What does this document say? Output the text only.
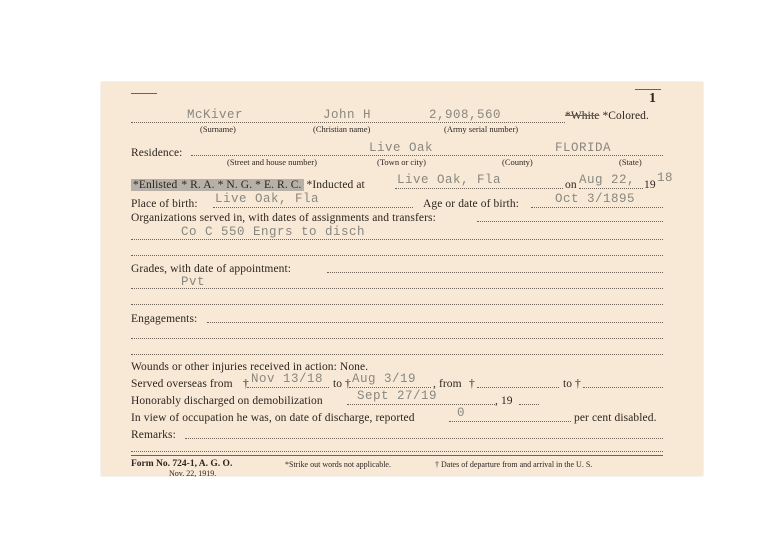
1
McKiver	John H	2,908,560	*White *Colored.
(Surname)	(Christian name)	(Army serial number)
Residence:	Live Oak	FLORIDA
(Street and house number)	(Town or city)	(County)	(State)
*Enlisted * R. A. * N. G. * E. R. C. *Inducted at	Live Oak, Fla	on Aug 22, 19 18
Place of birth: Live Oak, Fla	Age or date of birth:	Oct 3/1895
Organizations served in, with dates of assignments and transfers:
Co C 550 Engrs to disch
Grades, with date of appointment:
Pvt
Engagements:
Wounds or other injuries received in action: None.
Served overseas from † Nov 13/18 to † Aug 3/19 , from †	to †
Honorably discharged on demobilization	Sept 27/19	, 19
In view of occupation he was, on date of discharge, reported	0	per cent disabled.
Remarks:
Form No. 724-1, A. G. O.
Nov. 22, 1919.
*Strike out words not applicable.	† Dates of departure from and arrival in the U. S.
